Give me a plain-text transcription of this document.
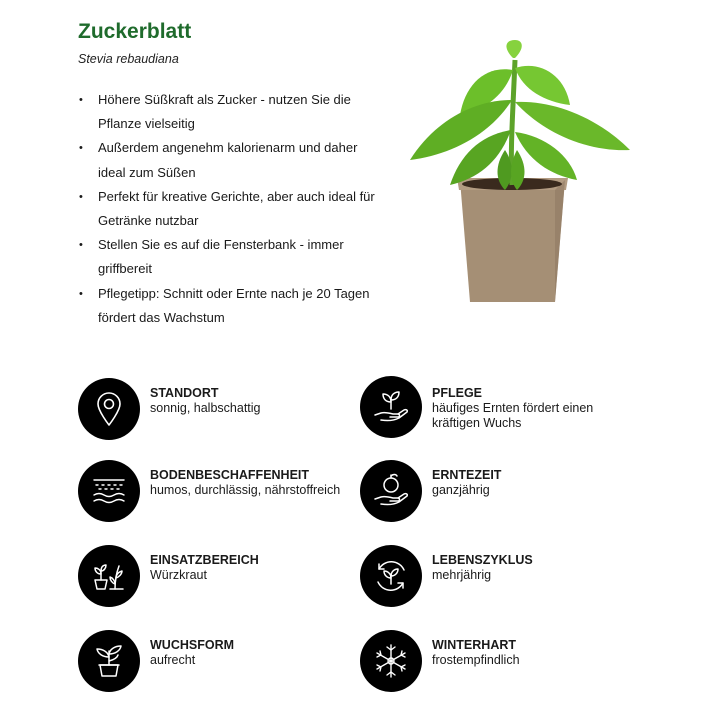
Zuckerblatt
Stevia rebaudiana
• Höhere Süßkraft als Zucker - nutzen Sie die Pflanze vielseitig
• Außerdem angenehm kalorienarm und daher ideal zum Süßen
• Perfekt für kreative Gerichte, aber auch ideal für Getränke nutzbar
• Stellen Sie es auf die Fensterbank - immer griffbereit
• Pflegetipp: Schnitt oder Ernte nach je 20 Tagen fördert das Wachstum
STANDORT
sonnig, halbschattig
BODENBESCHAFFENHEIT
humos, durchlässig, nährstoffreich
EINSATZBEREICH
Würzkraut
WUCHSFORM
aufrecht
PFLEGE
häufiges Ernten fördert einen kräftigen Wuchs
ERNTEZEIT
ganzjährig
LEBENSZYKLUS
mehrjährig
WINTERHART
frostempfindlich
